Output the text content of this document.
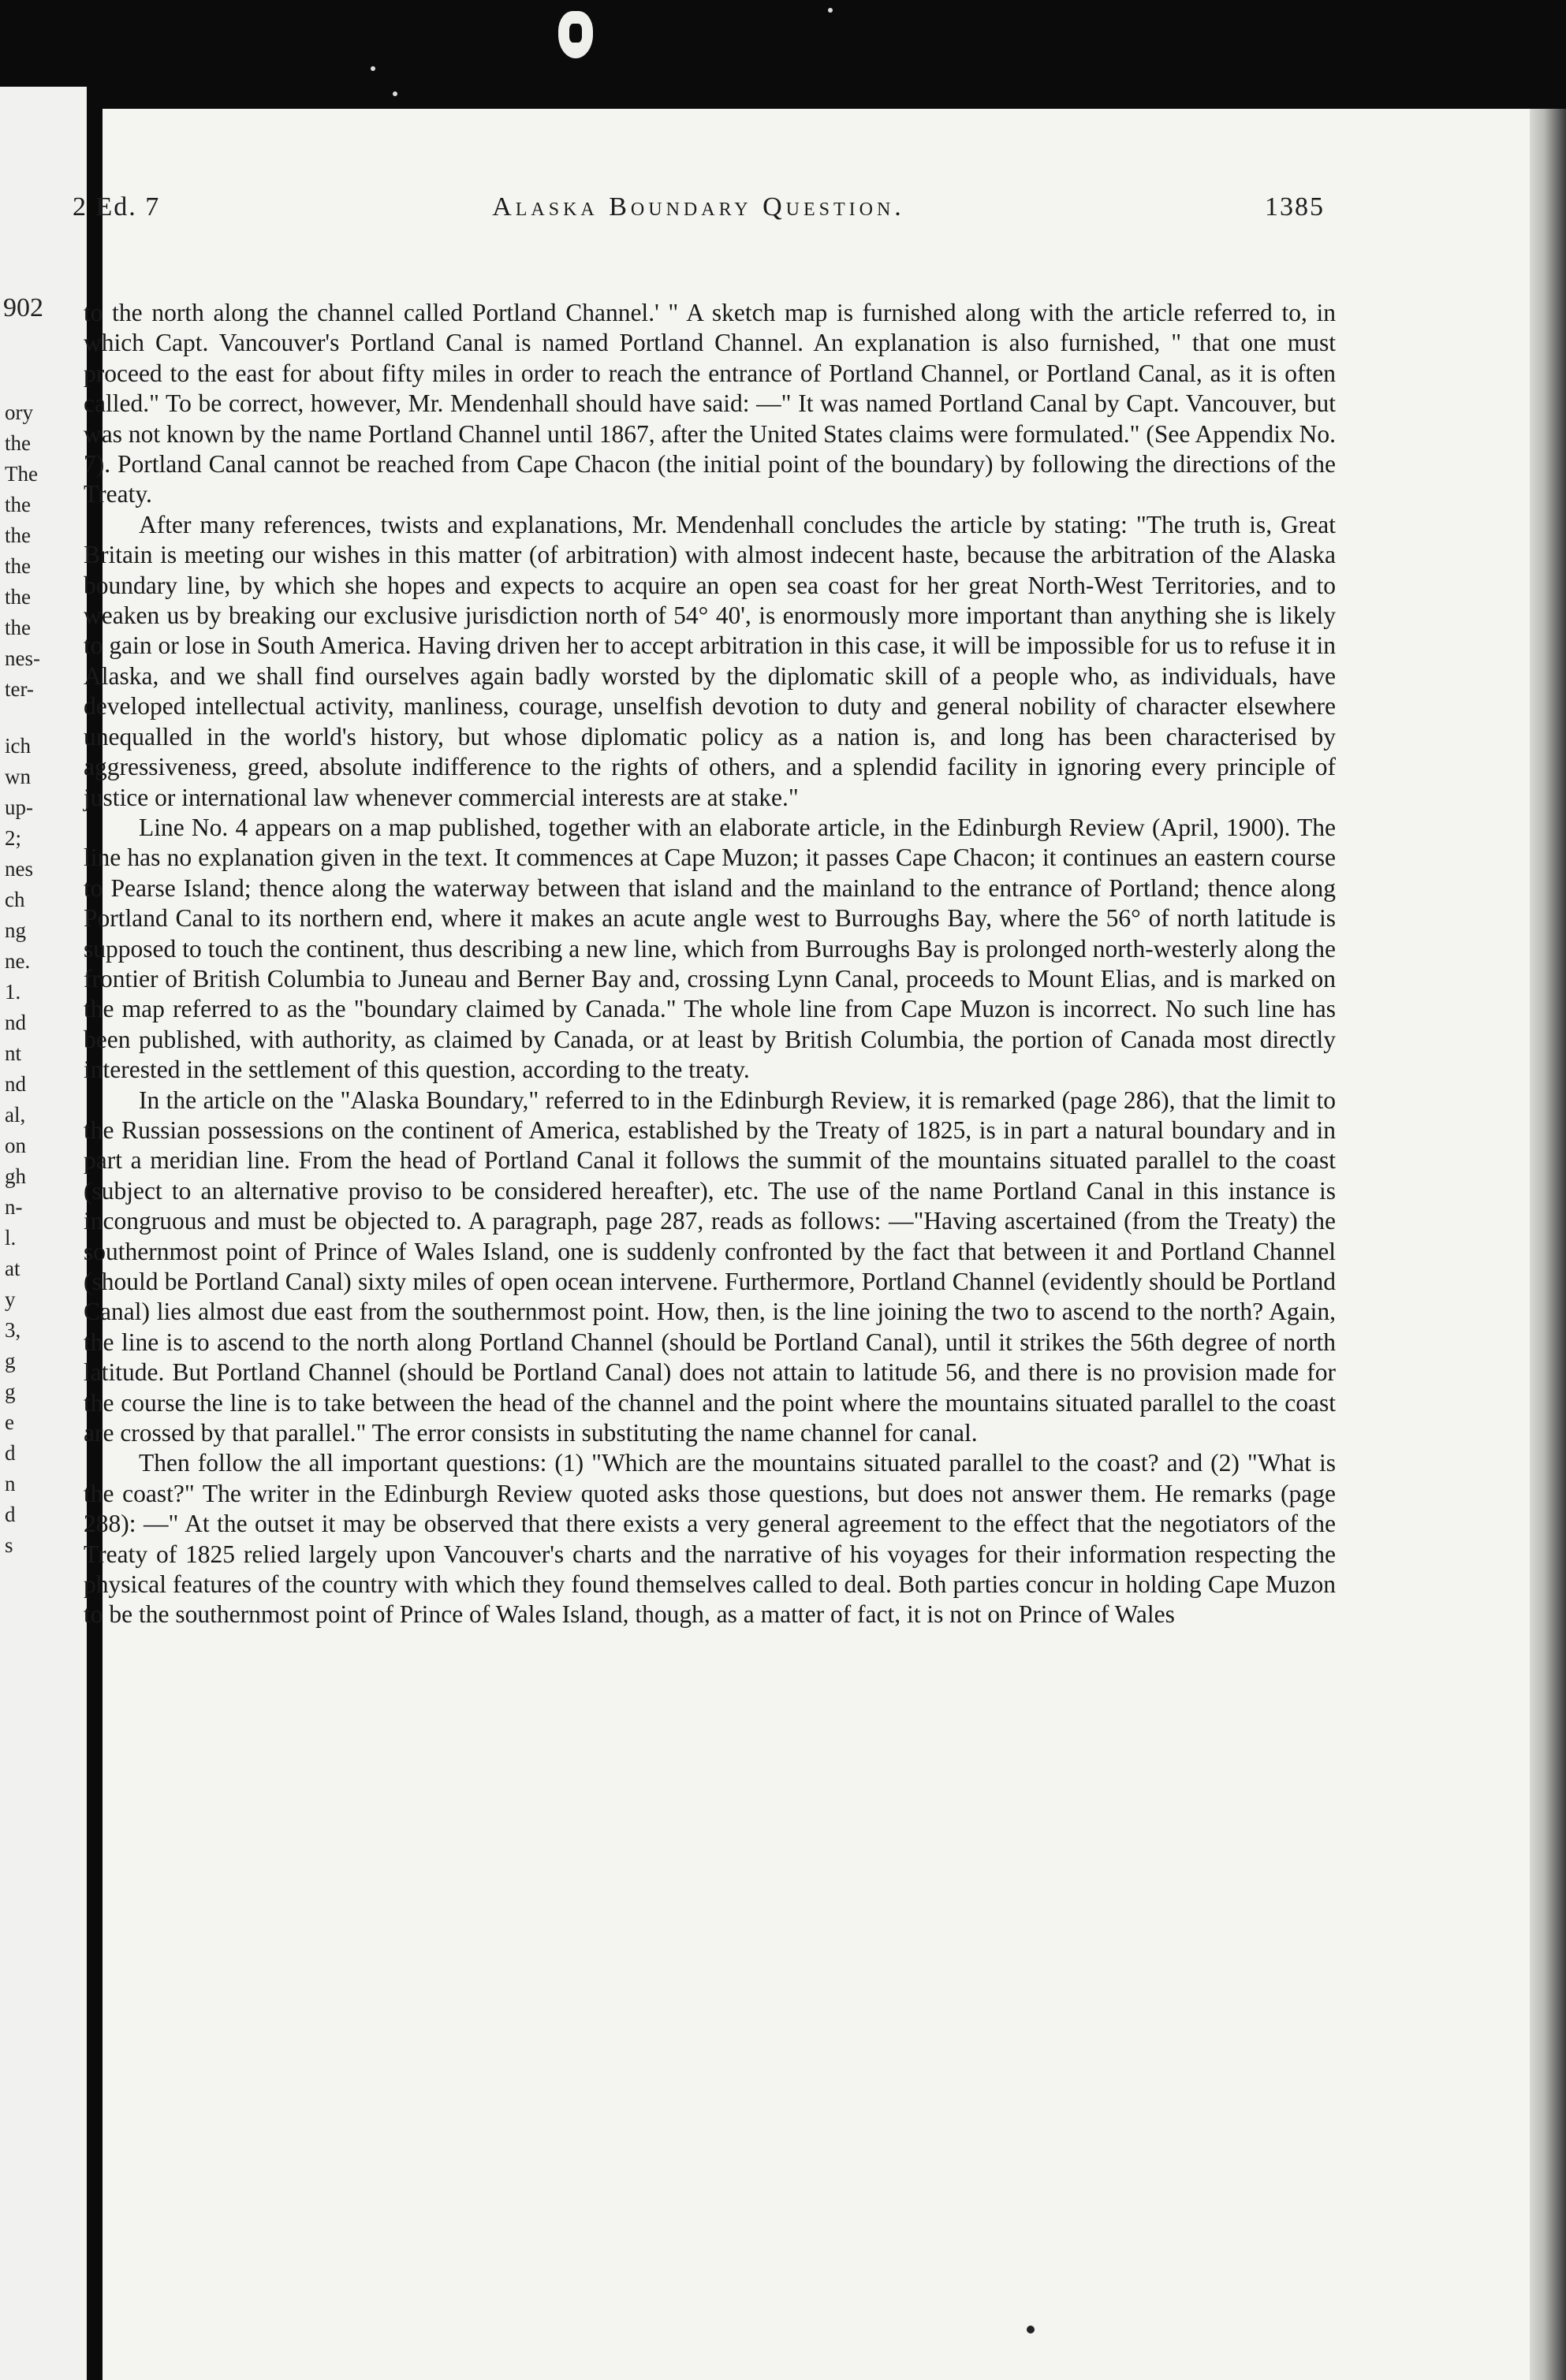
902
ory
the
The
the
the
the
the
the
nes-
ter-
ich
wn
up-
2;
nes
ch
ng
ne.
1.
nd
nt
nd
al,
on
gh
n-
l.
at
y
3,
g
g
e
d
n
d
s
2 Ed. 7	Alaska Boundary Question.	1385

to the north along the channel called Portland Channel.' " A sketch map is furnished along with the article referred to, in which Capt. Vancouver's Portland Canal is named Portland Channel. An explanation is also furnished, " that one must proceed to the east for about fifty miles in order to reach the entrance of Portland Channel, or Portland Canal, as it is often called." To be correct, however, Mr. Mendenhall should have said: —" It was named Portland Canal by Capt. Vancouver, but was not known by the name Portland Channel until 1867, after the United States claims were formulated." (See Appendix No. 7). Portland Canal cannot be reached from Cape Chacon (the initial point of the boundary) by following the directions of the Treaty.

After many references, twists and explanations, Mr. Mendenhall concludes the article by stating: "The truth is, Great Britain is meeting our wishes in this matter (of arbitration) with almost indecent haste, because the arbitration of the Alaska boundary line, by which she hopes and expects to acquire an open sea coast for her great North-West Territories, and to weaken us by breaking our exclusive jurisdiction north of 54° 40', is enormously more important than anything she is likely to gain or lose in South America. Having driven her to accept arbitration in this case, it will be impossible for us to refuse it in Alaska, and we shall find ourselves again badly worsted by the diplomatic skill of a people who, as individuals, have developed intellectual activity, manliness, courage, unselfish devotion to duty and general nobility of character elsewhere unequalled in the world's history, but whose diplomatic policy as a nation is, and long has been characterised by aggressiveness, greed, absolute indifference to the rights of others, and a splendid facility in ignoring every principle of justice or international law whenever commercial interests are at stake."

Line No. 4 appears on a map published, together with an elaborate article, in the Edinburgh Review (April, 1900). The line has no explanation given in the text. It commences at Cape Muzon; it passes Cape Chacon; it continues an eastern course to Pearse Island; thence along the waterway between that island and the mainland to the entrance of Portland; thence along Portland Canal to its northern end, where it makes an acute angle west to Burroughs Bay, where the 56° of north latitude is supposed to touch the continent, thus describing a new line, which from Burroughs Bay is prolonged north-westerly along the frontier of British Columbia to Juneau and Berner Bay and, crossing Lynn Canal, proceeds to Mount Elias, and is marked on the map referred to as the "boundary claimed by Canada." The whole line from Cape Muzon is incorrect. No such line has been published, with authority, as claimed by Canada, or at least by British Columbia, the portion of Canada most directly interested in the settlement of this question, according to the treaty.

In the article on the "Alaska Boundary," referred to in the Edinburgh Review, it is remarked (page 286), that the limit to the Russian possessions on the continent of America, established by the Treaty of 1825, is in part a natural boundary and in part a meridian line. From the head of Portland Canal it follows the summit of the mountains situated parallel to the coast (subject to an alternative proviso to be considered hereafter), etc. The use of the name Portland Canal in this instance is incongruous and must be objected to. A paragraph, page 287, reads as follows: —"Having ascertained (from the Treaty) the southernmost point of Prince of Wales Island, one is suddenly confronted by the fact that between it and Portland Channel (should be Portland Canal) sixty miles of open ocean intervene. Furthermore, Portland Channel (evidently should be Portland Canal) lies almost due east from the southernmost point. How, then, is the line joining the two to ascend to the north? Again, the line is to ascend to the north along Portland Channel (should be Portland Canal), until it strikes the 56th degree of north latitude. But Portland Channel (should be Portland Canal) does not attain to latitude 56, and there is no provision made for the course the line is to take between the head of the channel and the point where the mountains situated parallel to the coast are crossed by that parallel." The error consists in substituting the name channel for canal.

Then follow the all important questions: (1) "Which are the mountains situated parallel to the coast? and (2) "What is the coast?" The writer in the Edinburgh Review quoted asks those questions, but does not answer them. He remarks (page 288): —" At the outset it may be observed that there exists a very general agreement to the effect that the negotiators of the Treaty of 1825 relied largely upon Vancouver's charts and the narrative of his voyages for their information respecting the physical features of the country with which they found themselves called to deal. Both parties concur in holding Cape Muzon to be the southernmost point of Prince of Wales Island, though, as a matter of fact, it is not on Prince of Wales
